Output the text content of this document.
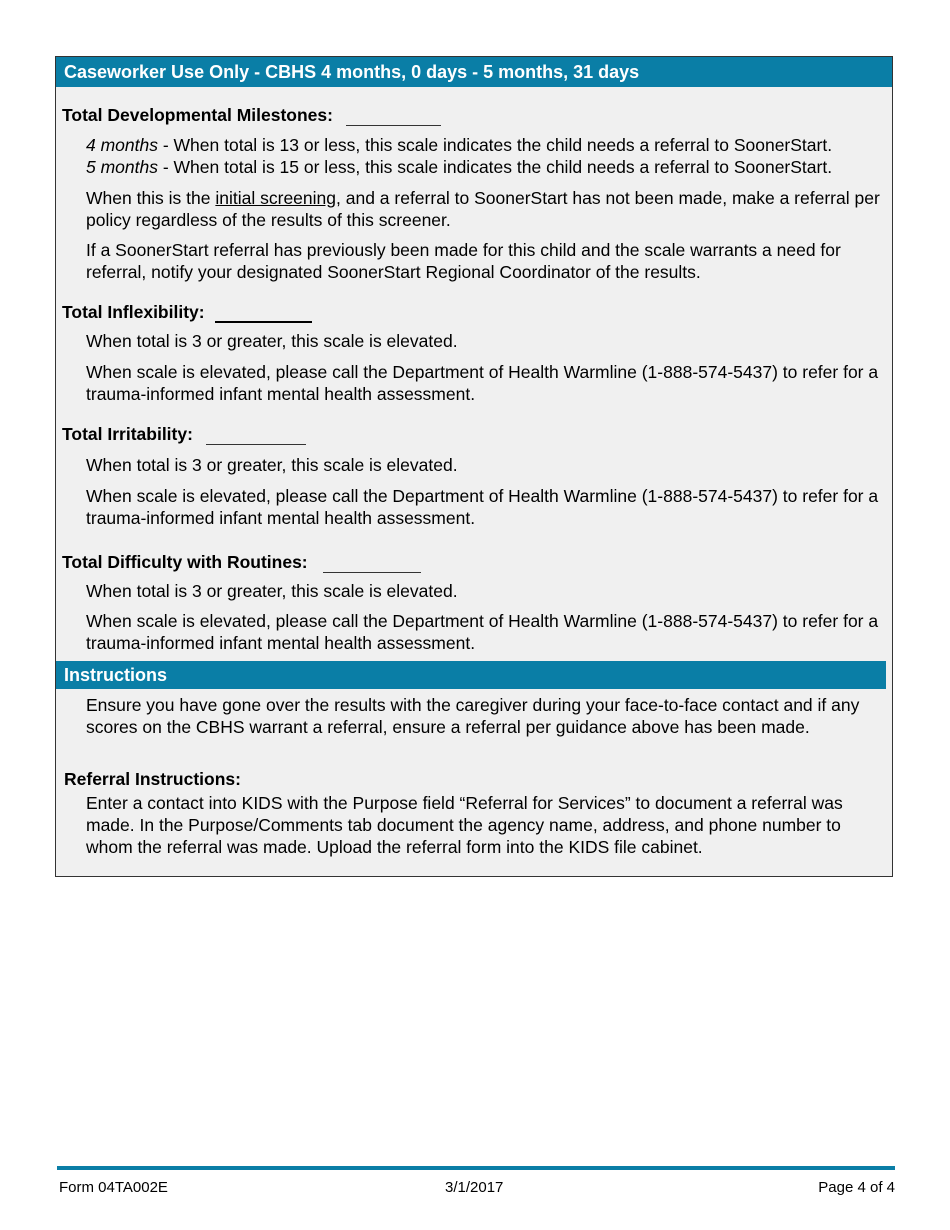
Caseworker Use Only - CBHS 4 months, 0 days - 5 months, 31 days
Total Developmental Milestones:
4 months - When total is 13 or less, this scale indicates the child needs a referral to SoonerStart.
5 months - When total is 15 or less, this scale indicates the child needs a referral to SoonerStart.
When this is the initial screening, and a referral to SoonerStart has not been made, make a referral per policy regardless of the results of this screener.
If a SoonerStart referral has previously been made for this child and the scale warrants a need for referral, notify your designated SoonerStart Regional Coordinator of the results.
Total Inflexibility:
When total is 3 or greater, this scale is elevated.
When scale is elevated, please call the Department of Health Warmline (1-888-574-5437) to refer for a trauma-informed infant mental health assessment.
Total Irritability:
When total is 3 or greater, this scale is elevated.
When scale is elevated, please call the Department of Health Warmline (1-888-574-5437) to refer for a trauma-informed infant mental health assessment.
Total Difficulty with Routines:
When total is 3 or greater, this scale is elevated.
When scale is elevated, please call the Department of Health Warmline (1-888-574-5437) to refer for a trauma-informed infant mental health assessment.
Instructions
Ensure you have gone over the results with the caregiver during your face-to-face contact and if any scores on the CBHS warrant a referral, ensure a referral per guidance above has been made.
Referral Instructions:
Enter a contact into KIDS with the Purpose field “Referral for Services” to document a referral was made. In the Purpose/Comments tab document the agency name, address, and phone number to whom the referral was made. Upload the referral form into the KIDS file cabinet.
Form 04TA002E	3/1/2017	Page 4 of 4
